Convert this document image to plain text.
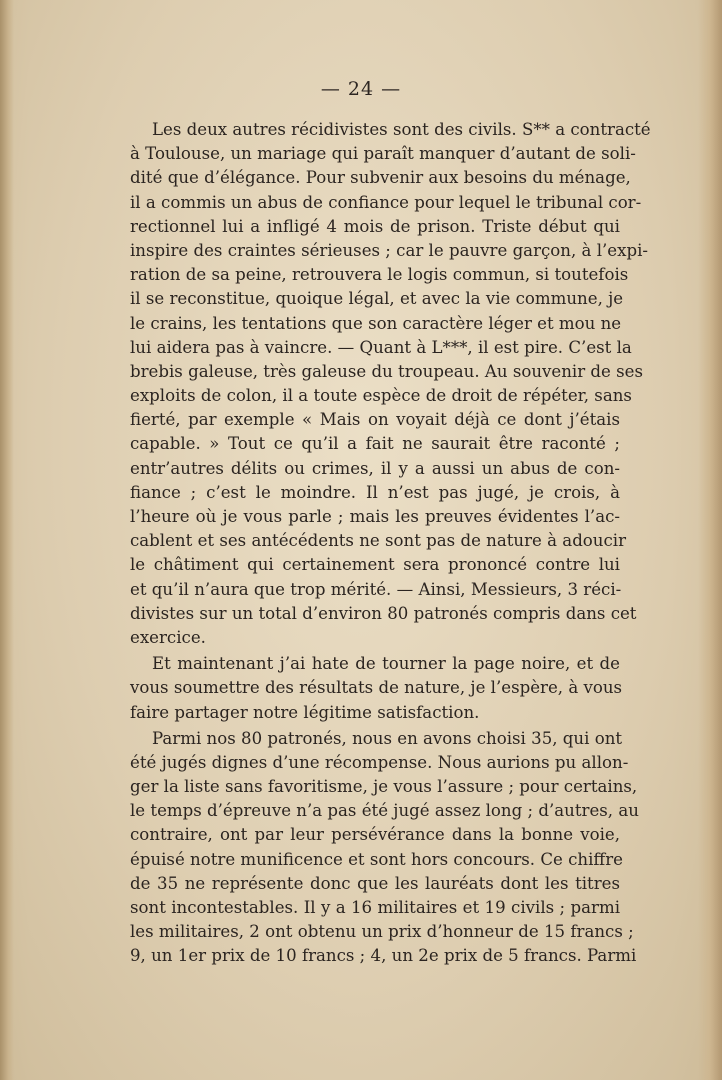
— 24 —
Les deux autres récidivistes sont des civils. S** a contracté
à Toulouse, un mariage qui paraît manquer d’autant de soli-
dité que d’élégance. Pour subvenir aux besoins du ménage,
il a commis un abus de confiance pour lequel le tribunal cor-
rectionnel lui a infligé 4 mois de prison. Triste début qui
inspire des craintes sérieuses ; car le pauvre garçon, à l’expi-
ration de sa peine, retrouvera le logis commun, si toutefois
il se reconstitue, quoique légal, et avec la vie commune, je
le crains, les tentations que son caractère léger et mou ne
lui aidera pas à vaincre. — Quant à L***, il est pire. C’est la
brebis galeuse, très galeuse du troupeau. Au souvenir de ses
exploits de colon, il a toute espèce de droit de répéter, sans
fierté, par exemple « Mais on voyait déjà ce dont j’étais
capable. » Tout ce qu’il a fait ne saurait être raconté ;
entr’autres délits ou crimes, il y a aussi un abus de con-
fiance ; c’est le moindre. Il n’est pas jugé, je crois, à
l’heure où je vous parle ; mais les preuves évidentes l’ac-
cablent et ses antécédents ne sont pas de nature à adoucir
le châtiment qui certainement sera prononcé contre lui
et qu’il n’aura que trop mérité. — Ainsi, Messieurs, 3 réci-
divistes sur un total d’environ 80 patronés compris dans cet
exercice.
Et maintenant j’ai hate de tourner la page noire, et de
vous soumettre des résultats de nature, je l’espère, à vous
faire partager notre légitime satisfaction.
Parmi nos 80 patronés, nous en avons choisi 35, qui ont
été jugés dignes d’une récompense. Nous aurions pu allon-
ger la liste sans favoritisme, je vous l’assure ; pour certains,
le temps d’épreuve n’a pas été jugé assez long ; d’autres, au
contraire, ont par leur persévérance dans la bonne voie,
épuisé notre munificence et sont hors concours. Ce chiffre
de 35 ne représente donc que les lauréats dont les titres
sont incontestables. Il y a 16 militaires et 19 civils ; parmi
les militaires, 2 ont obtenu un prix d’honneur de 15 francs ;
9, un 1er prix de 10 francs ; 4, un 2e prix de 5 francs. Parmi
